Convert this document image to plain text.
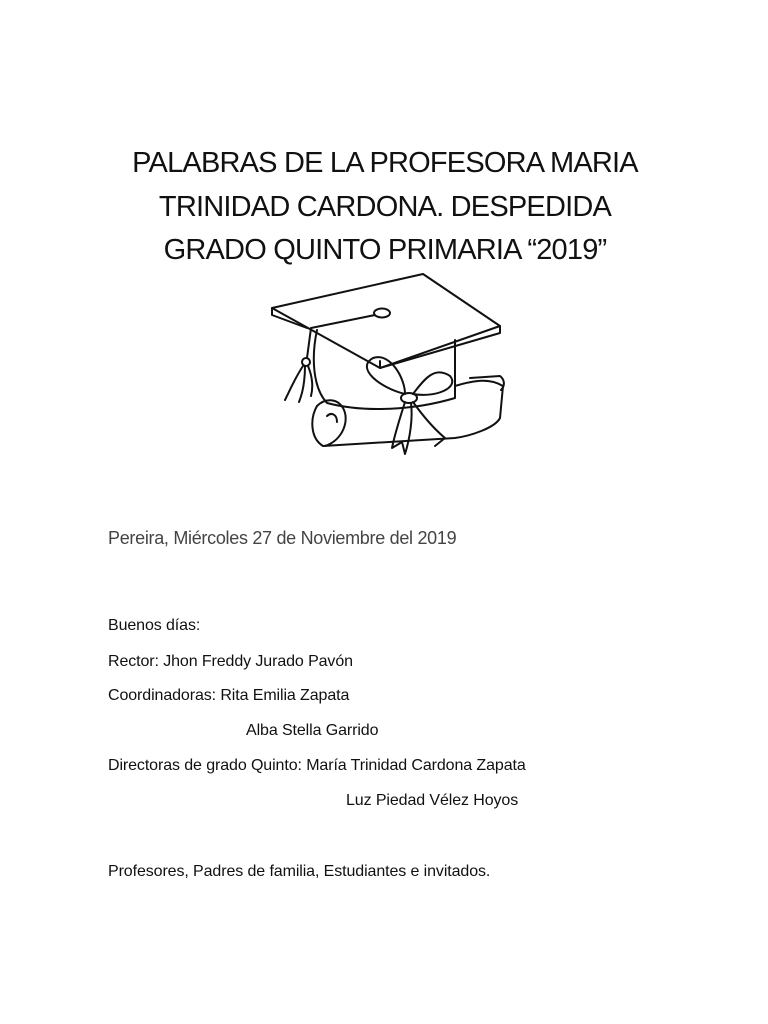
PALABRAS DE LA PROFESORA MARIA
TRINIDAD CARDONA. DESPEDIDA
GRADO QUINTO PRIMARIA “2019”
Pereira, Miércoles 27 de Noviembre del 2019
Buenos días:
Rector: Jhon Freddy Jurado Pavón
Coordinadoras: Rita Emilia Zapata
Alba Stella Garrido
Directoras de grado Quinto: María Trinidad Cardona Zapata
Luz Piedad Vélez Hoyos
Profesores, Padres de familia, Estudiantes e invitados.
